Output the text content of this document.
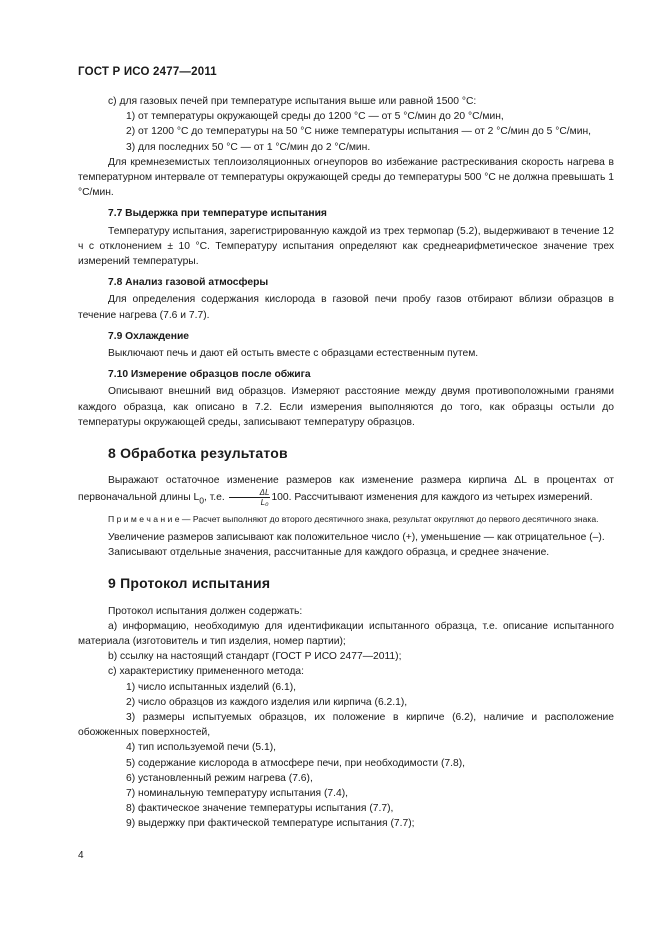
ГОСТ Р ИСО 2477—2011

с) для газовых печей при температуре испытания выше или равной 1500 °C:

1) от температуры окружающей среды до 1200 °C — от 5 °C/мин до 20 °C/мин,

2) от 1200 °C до температуры на 50 °C ниже температуры испытания — от 2 °C/мин до 5 °C/мин,

3) для последних 50 °C — от 1 °C/мин до 2 °C/мин.

Для кремнеземистых теплоизоляционных огнеупоров во избежание растрескивания скорость нагрева в температурном интервале от температуры окружающей среды до температуры 500 °C не должна превышать 1 °C/мин.

7.7 Выдержка при температуре испытания

Температуру испытания, зарегистрированную каждой из трех термопар (5.2), выдерживают в течение 12 ч с отклонением ± 10 °C. Температуру испытания определяют как среднеарифметическое значение трех измерений температуры.

7.8 Анализ газовой атмосферы

Для определения содержания кислорода в газовой печи пробу газов отбирают вблизи образцов в течение нагрева (7.6 и 7.7).

7.9 Охлаждение

Выключают печь и дают ей остыть вместе с образцами естественным путем.

7.10 Измерение образцов после обжига

Описывают внешний вид образцов. Измеряют расстояние между двумя противоположными гранями каждого образца, как описано в 7.2. Если измерения выполняются до того, как образцы остыли до температуры окружающей среды, записывают температуру образцов.

8 Обработка результатов

Выражают остаточное изменение размеров как изменение размера кирпича ΔL в процентах от первоначальной длины $L_0$, т.е. $\frac{\Delta L}{\text{L₀}} 100$. Рассчитывают изменения для каждого из четырех измерений.

П р и м е ч а н и е — Расчет выполняют до второго десятичного знака, результат округляют до первого десятичного знака.

Увеличение размеров записывают как положительное число (+), уменьшение — как отрицательное (–).

Записывают отдельные значения, рассчитанные для каждого образца, и среднее значение.

9 Протокол испытания

Протокол испытания должен содержать:

а) информацию, необходимую для идентификации испытанного образца, т.е. описание испытанного материала (изготовитель и тип изделия, номер партии);

b) ссылку на настоящий стандарт (ГОСТ Р ИСО 2477—2011);

с) характеристику примененного метода:

1) число испытанных изделий (6.1),

2) число образцов из каждого изделия или кирпича (6.2.1),

3) размеры испытуемых образцов, их положение в кирпиче (6.2), наличие и расположение обожженных поверхностей,

4) тип используемой печи (5.1),

5) содержание кислорода в атмосфере печи, при необходимости (7.8),

6) установленный режим нагрева (7.6),

7) номинальную температуру испытания (7.4),

8) фактическое значение температуры испытания (7.7),

9) выдержку при фактической температуре испытания (7.7);

4
